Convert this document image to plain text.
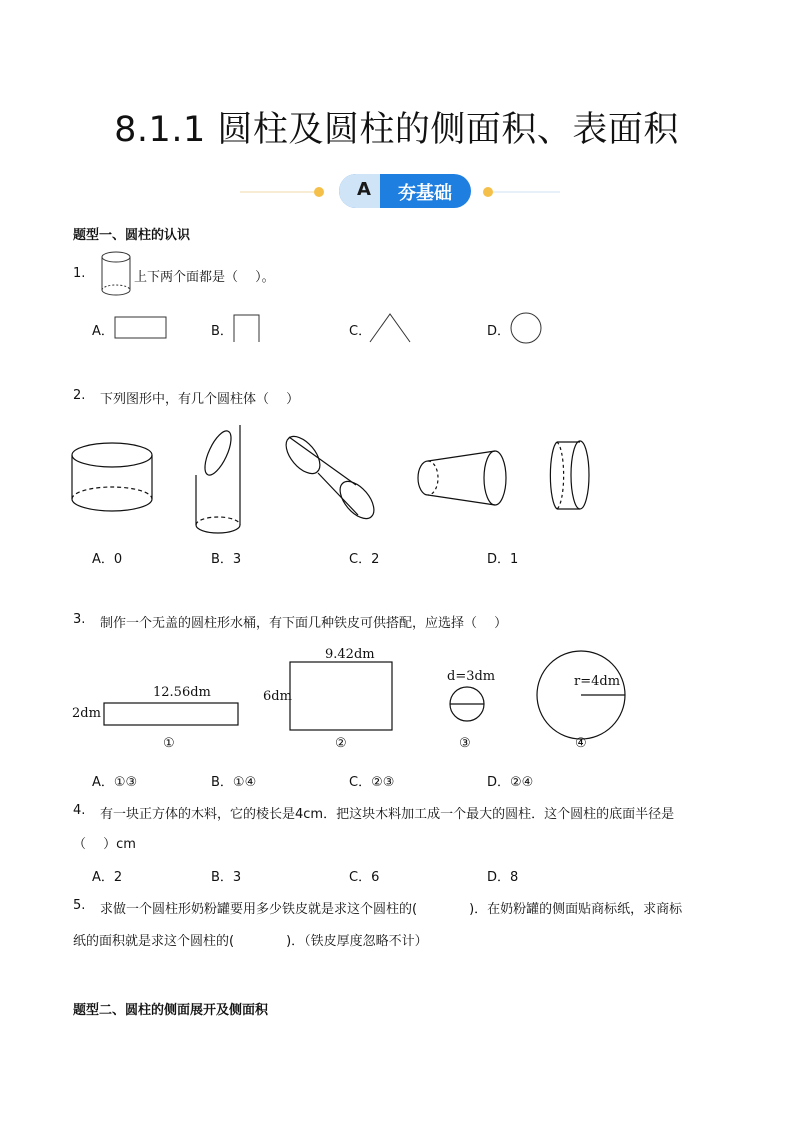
8.1.1 圆柱及圆柱的侧面积、表面积
A	夯基础
题型一、圆柱的认识
1.	上下两个面都是（　 ）。
A．	B．	C．	D．
2. 下列图形中，有几个圆柱体（　 ）
A．0	B．3	C．2	D．1
3. 制作一个无盖的圆柱形水桶，有下面几种铁皮可供搭配，应选择（　 ）
12.56dm
2dm
①
9.42dm
6dm
②
d=3dm
③
r=4dm
④
A．①③	B．①④	C．②③	D．②④
4. 有一块正方体的木料，它的棱长是4cm．把这块木料加工成一个最大的圆柱．这个圆柱的底面半径是
（　 ）cm
A．2	B．3	C．6	D．8
5. 求做一个圆柱形奶粉罐要用多少铁皮就是求这个圆柱的(　　　　)．在奶粉罐的侧面贴商标纸，求商标
纸的面积就是求这个圆柱的(　　　　)．（铁皮厚度忽略不计）
题型二、圆柱的侧面展开及侧面积
